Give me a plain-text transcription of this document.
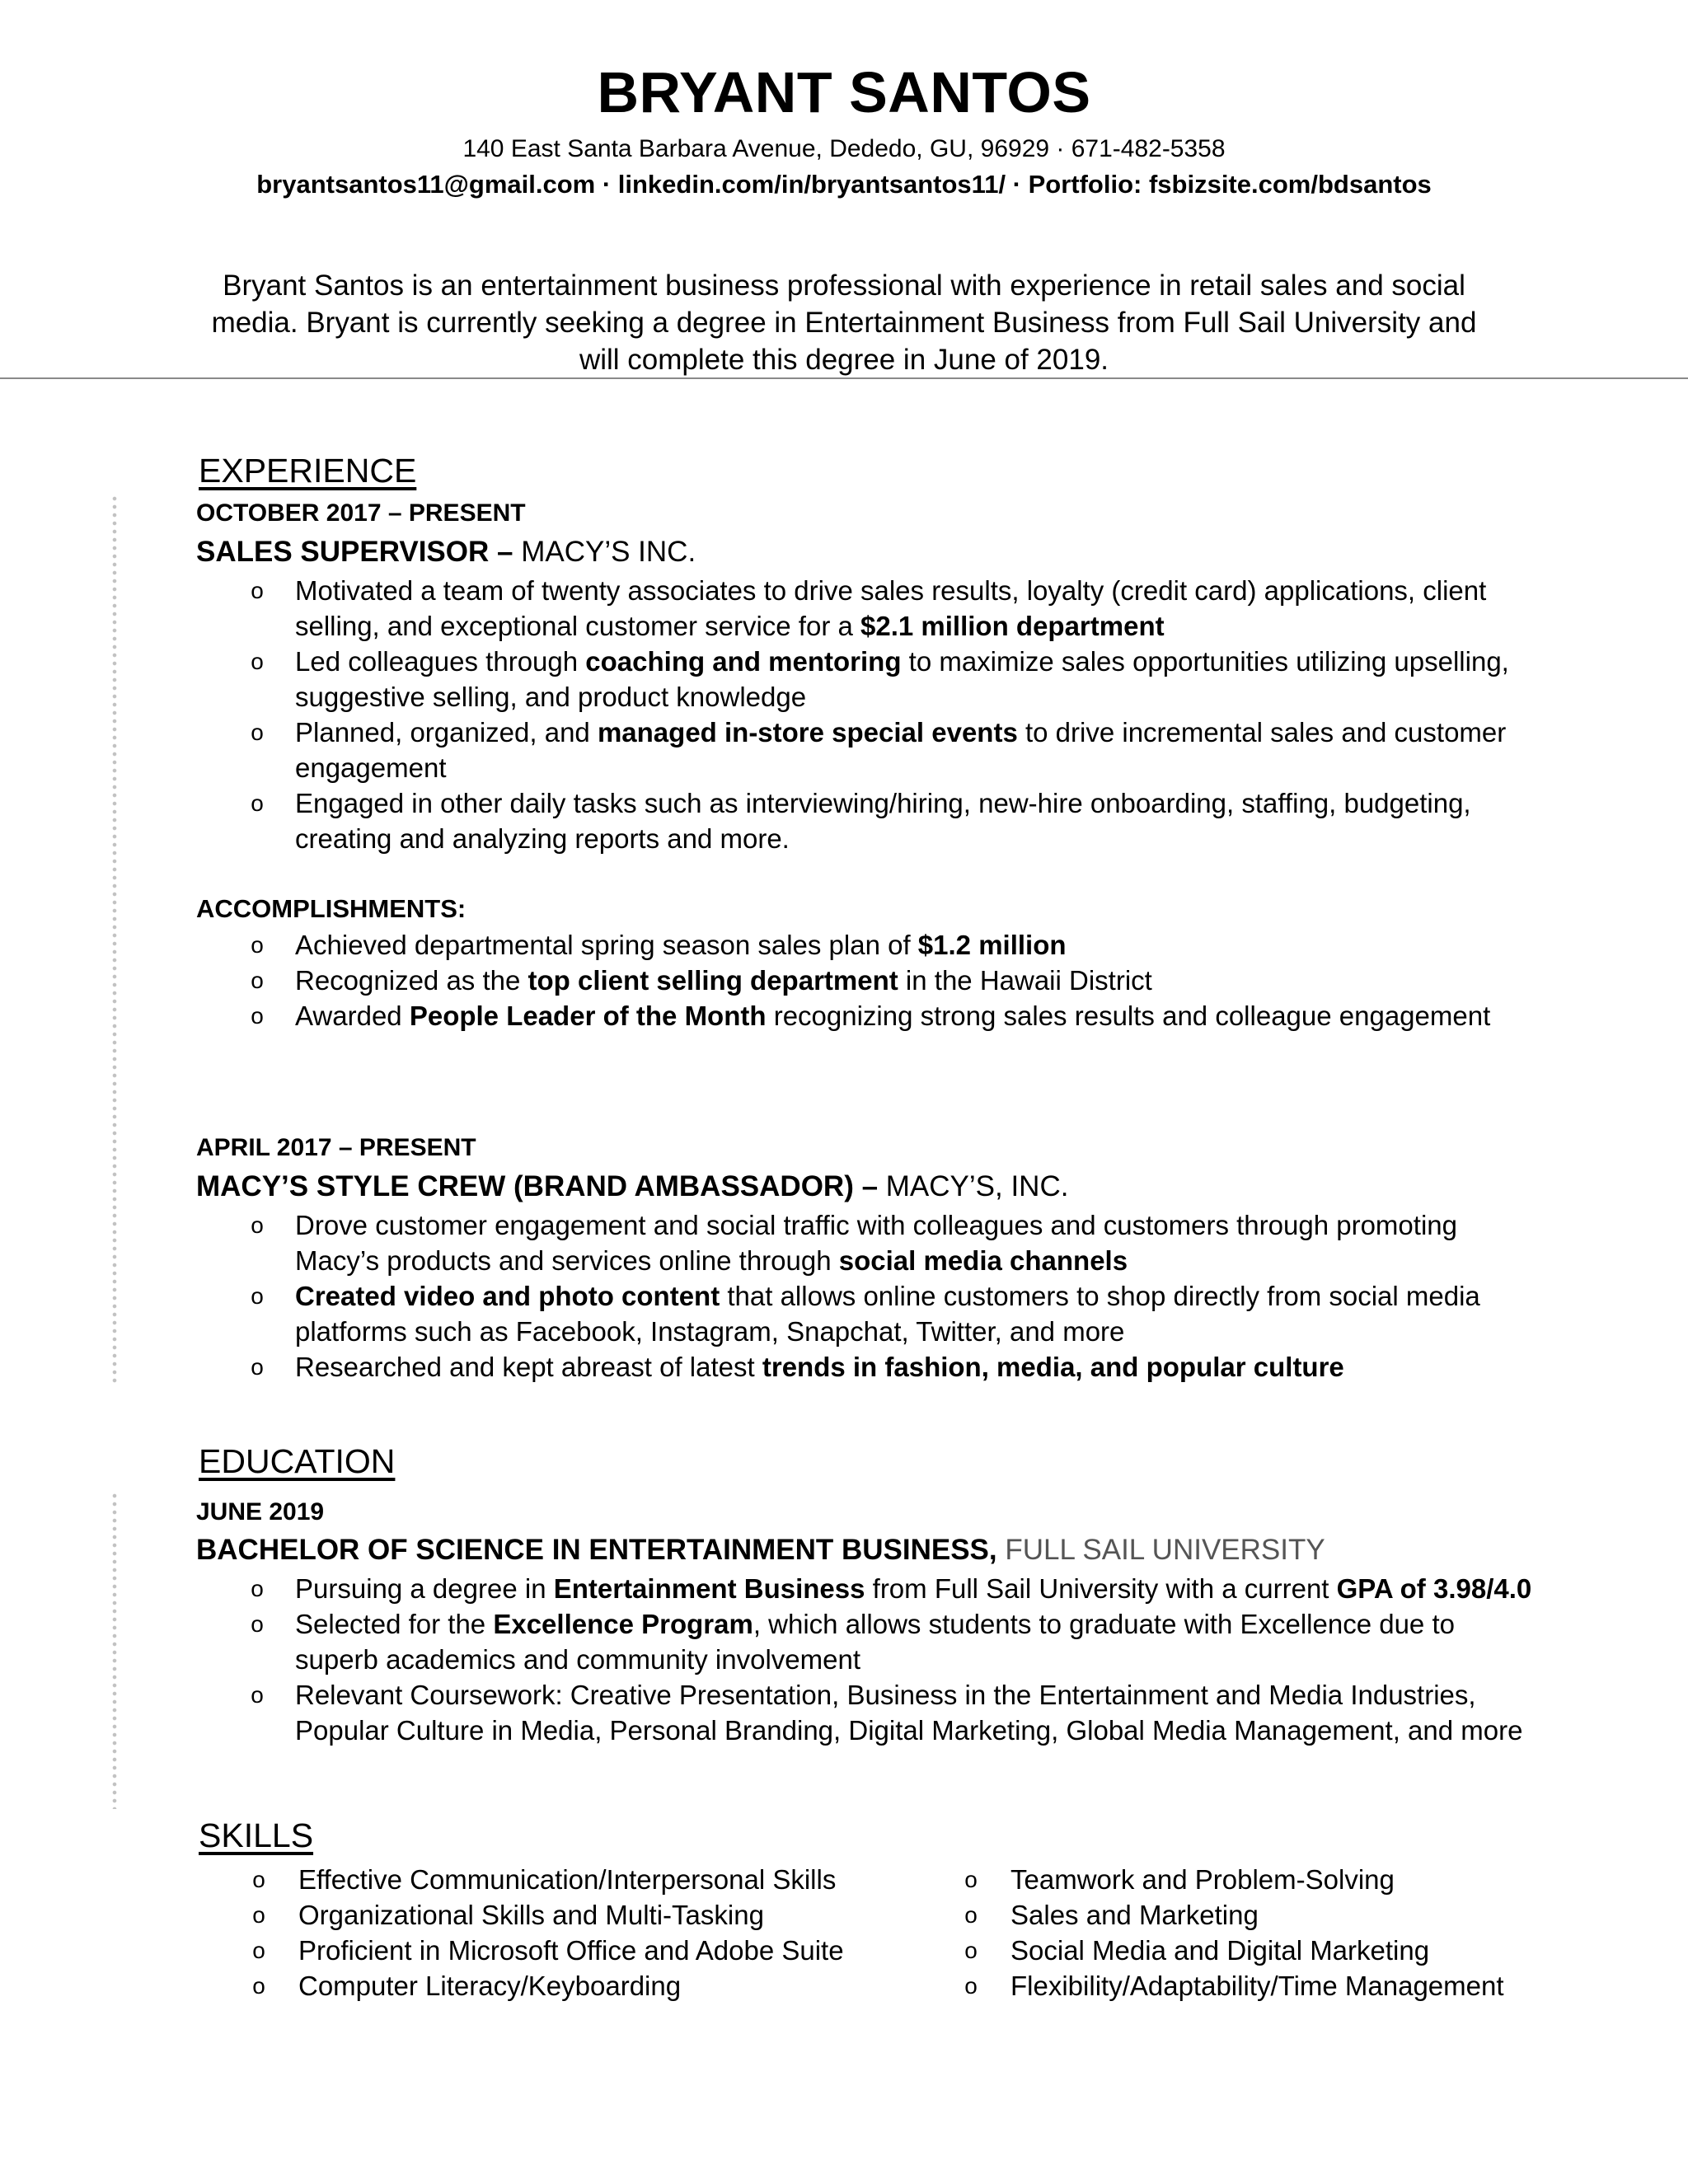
BRYANT SANTOS
140 East Santa Barbara Avenue, Dededo, GU, 96929 · 671-482-5358
bryantsantos11@gmail.com · linkedin.com/in/bryantsantos11/ · Portfolio: fsbizsite.com/bdsantos
Bryant Santos is an entertainment business professional with experience in retail sales and social media. Bryant is currently seeking a degree in Entertainment Business from Full Sail University and will complete this degree in June of 2019.
EXPERIENCE
OCTOBER 2017 – PRESENT
SALES SUPERVISOR – MACY’S INC.
o Motivated a team of twenty associates to drive sales results, loyalty (credit card) applications, client selling, and exceptional customer service for a $2.1 million department
o Led colleagues through coaching and mentoring to maximize sales opportunities utilizing upselling, suggestive selling, and product knowledge
o Planned, organized, and managed in-store special events to drive incremental sales and customer engagement
o Engaged in other daily tasks such as interviewing/hiring, new-hire onboarding, staffing, budgeting, creating and analyzing reports and more.
ACCOMPLISHMENTS:
o Achieved departmental spring season sales plan of $1.2 million
o Recognized as the top client selling department in the Hawaii District
o Awarded People Leader of the Month recognizing strong sales results and colleague engagement
APRIL 2017 – PRESENT
MACY’S STYLE CREW (BRAND AMBASSADOR) – MACY’S, INC.
o Drove customer engagement and social traffic with colleagues and customers through promoting Macy’s products and services online through social media channels
o Created video and photo content that allows online customers to shop directly from social media platforms such as Facebook, Instagram, Snapchat, Twitter, and more
o Researched and kept abreast of latest trends in fashion, media, and popular culture
EDUCATION
JUNE 2019
BACHELOR OF SCIENCE IN ENTERTAINMENT BUSINESS, FULL SAIL UNIVERSITY
o Pursuing a degree in Entertainment Business from Full Sail University with a current GPA of 3.98/4.0
o Selected for the Excellence Program, which allows students to graduate with Excellence due to superb academics and community involvement
o Relevant Coursework: Creative Presentation, Business in the Entertainment and Media Industries, Popular Culture in Media, Personal Branding, Digital Marketing, Global Media Management, and more
SKILLS
o Effective Communication/Interpersonal Skills
o Organizational Skills and Multi-Tasking
o Proficient in Microsoft Office and Adobe Suite
o Computer Literacy/Keyboarding
o Teamwork and Problem-Solving
o Sales and Marketing
o Social Media and Digital Marketing
o Flexibility/Adaptability/Time Management
